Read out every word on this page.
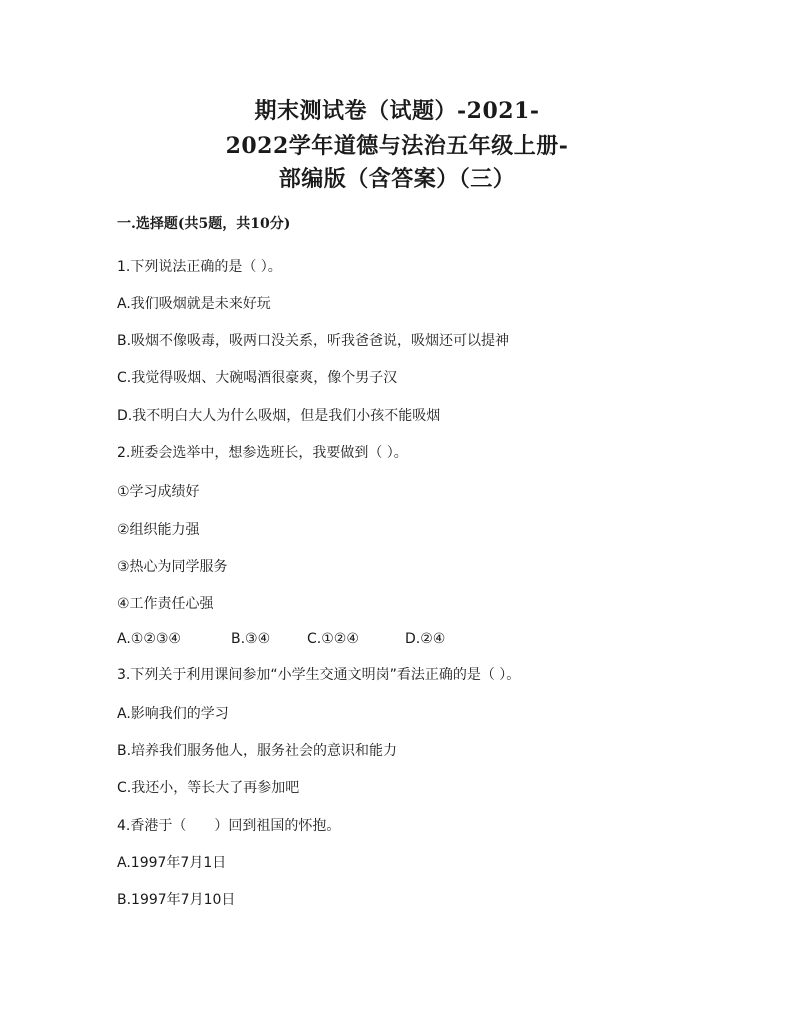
期末测试卷（试题）-2021-
2022学年道德与法治五年级上册-
部编版（含答案）（三）
一.选择题(共5题，共10分)
1.下列说法正确的是（ ）。
A.我们吸烟就是未来好玩
B.吸烟不像吸毒，吸两口没关系，听我爸爸说，吸烟还可以提神
C.我觉得吸烟、大碗喝酒很豪爽，像个男子汉
D.我不明白大人为什么吸烟，但是我们小孩不能吸烟
2.班委会选举中，想参选班长，我要做到（ ）。
①学习成绩好
②组织能力强
③热心为同学服务
④工作责任心强
A.①②③④	B.③④	C.①②④	D.②④
3.下列关于利用课间参加“小学生交通文明岗”看法正确的是（ ）。
A.影响我们的学习
B.培养我们服务他人，服务社会的意识和能力
C.我还小，等长大了再参加吧
4.香港于（　　）回到祖国的怀抱。
A.1997年7月1日
B.1997年7月10日
